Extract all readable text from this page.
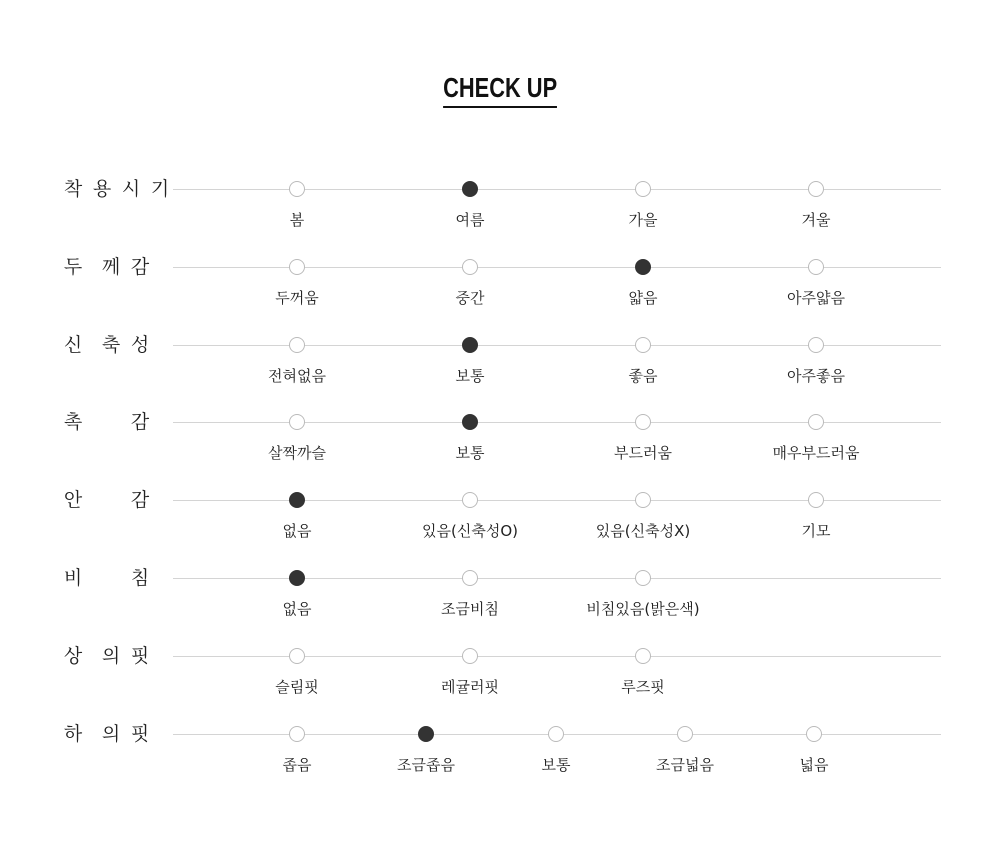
CHECK UP
착 용 시 기
봄	여름	가을	겨울
두 께 감
두꺼움	중간	얇음	아주얇음
신 축 성
전혀없음	보통	좋음	아주좋음
촉	감
살짝까슬	보통	부드러움	매우부드러움
안	감
없음	있음(신축성O)	있음(신축성X)	기모
비	침
없음	조금비침	비침있음(밝은색)
상 의 핏
슬림핏	레귤러핏	루즈핏
하 의 핏
좁음	조금좁음	보통	조금넓음	넓음
